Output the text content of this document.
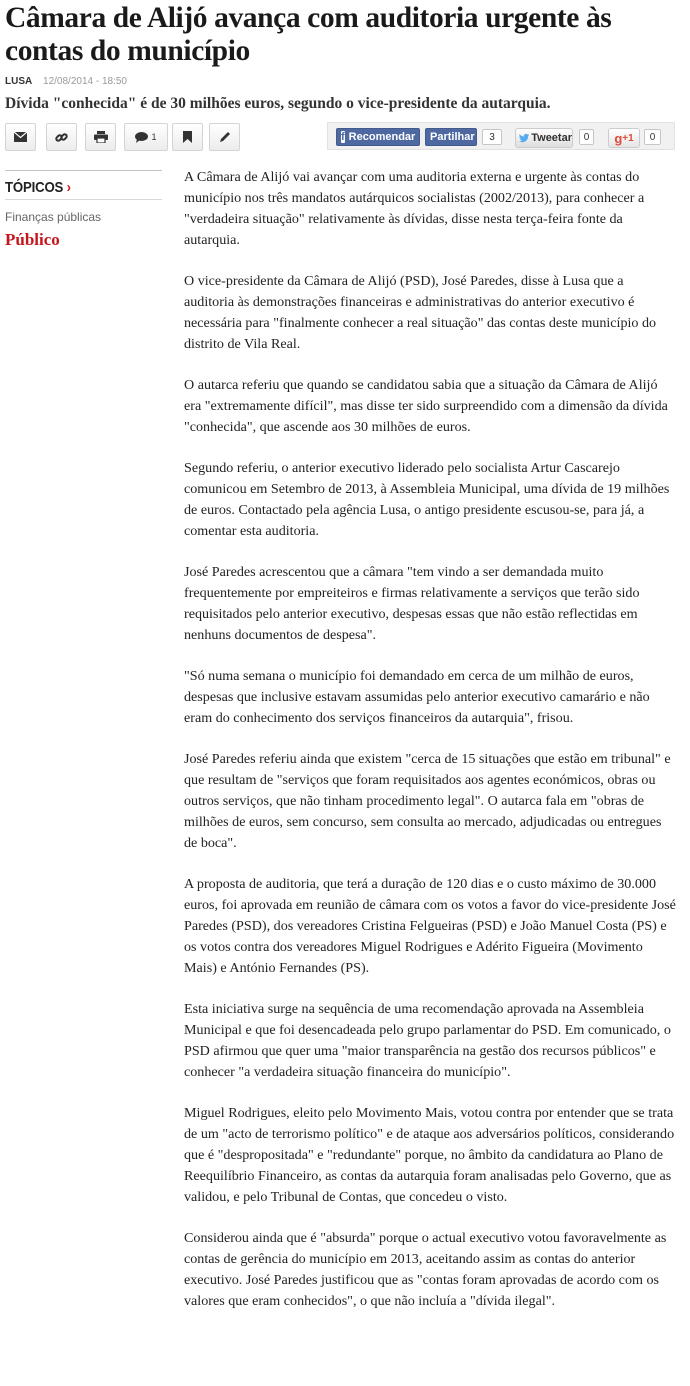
Câmara de Alijó avança com auditoria urgente às contas do município
LUSA 12/08/2014 - 18:50
Dívida "conhecida" é de 30 milhões euros, segundo o vice-presidente da autarquia.
1	f Recomendar Partilhar 3	Tweetar 0 g +1 0
TÓPICOS ›
Finanças públicas
Público

A Câmara de Alijó vai avançar com uma auditoria externa e urgente às contas do município nos três mandatos autárquicos socialistas (2002/2013), para conhecer a "verdadeira situação" relativamente às dívidas, disse nesta terça-feira fonte da autarquia.

O vice-presidente da Câmara de Alijó (PSD), José Paredes, disse à Lusa que a auditoria às demonstrações financeiras e administrativas do anterior executivo é necessária para "finalmente conhecer a real situação" das contas deste município do distrito de Vila Real.

O autarca referiu que quando se candidatou sabia que a situação da Câmara de Alijó era "extremamente difícil", mas disse ter sido surpreendido com a dimensão da dívida "conhecida", que ascende aos 30 milhões de euros.

Segundo referiu, o anterior executivo liderado pelo socialista Artur Cascarejo comunicou em Setembro de 2013, à Assembleia Municipal, uma dívida de 19 milhões de euros. Contactado pela agência Lusa, o antigo presidente escusou-se, para já, a comentar esta auditoria.

José Paredes acrescentou que a câmara "tem vindo a ser demandada muito frequentemente por empreiteiros e firmas relativamente a serviços que terão sido requisitados pelo anterior executivo, despesas essas que não estão reflectidas em nenhuns documentos de despesa".

"Só numa semana o município foi demandado em cerca de um milhão de euros, despesas que inclusive estavam assumidas pelo anterior executivo camarário e não eram do conhecimento dos serviços financeiros da autarquia", frisou.

José Paredes referiu ainda que existem "cerca de 15 situações que estão em tribunal" e que resultam de "serviços que foram requisitados aos agentes económicos, obras ou outros serviços, que não tinham procedimento legal". O autarca fala em "obras de milhões de euros, sem concurso, sem consulta ao mercado, adjudicadas ou entregues de boca".

A proposta de auditoria, que terá a duração de 120 dias e o custo máximo de 30.000 euros, foi aprovada em reunião de câmara com os votos a favor do vice-presidente José Paredes (PSD), dos vereadores Cristina Felgueiras (PSD) e João Manuel Costa (PS) e os votos contra dos vereadores Miguel Rodrigues e Adérito Figueira (Movimento Mais) e António Fernandes (PS).

Esta iniciativa surge na sequência de uma recomendação aprovada na Assembleia Municipal e que foi desencadeada pelo grupo parlamentar do PSD. Em comunicado, o PSD afirmou que quer uma "maior transparência na gestão dos recursos públicos" e conhecer "a verdadeira situação financeira do município".

Miguel Rodrigues, eleito pelo Movimento Mais, votou contra por entender que se trata de um "acto de terrorismo político" e de ataque aos adversários políticos, considerando que é "despropositada" e "redundante" porque, no âmbito da candidatura ao Plano de Reequilíbrio Financeiro, as contas da autarquia foram analisadas pelo Governo, que as validou, e pelo Tribunal de Contas, que concedeu o visto.

Considerou ainda que é "absurda" porque o actual executivo votou favoravelmente as contas de gerência do município em 2013, aceitando assim as contas do anterior executivo. José Paredes justificou que as "contas foram aprovadas de acordo com os valores que eram conhecidos", o que não incluía a "dívida ilegal".
